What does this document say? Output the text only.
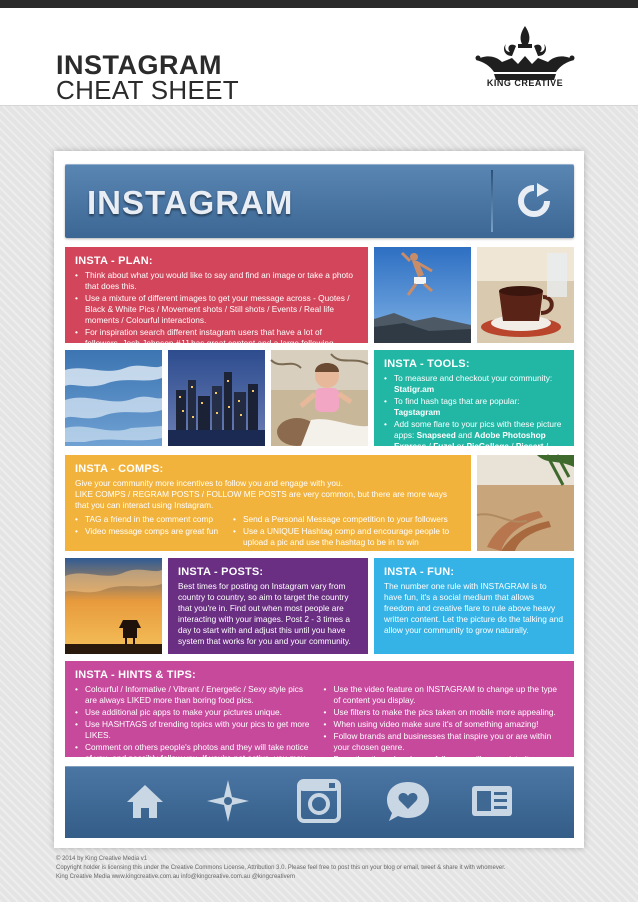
INSTAGRAM
CHEAT SHEET	KING CREATIVE
INSTAGRAM
INSTA - PLAN:
• Think about what you would like to say and find an image or take a photo that does this.
• Use a mixture of different images to get your message across - Quotes / Black & White Pics / Movement shots / Still shots / Events / Real life moments / Colourful interactions.
• For inspiration search different instagram users that have a lot of followers. Josh Johnson #JJ has great content and a large following.
INSTA - TOOLS:
• To measure and checkout your community: Statigr.am
• To find hash tags that are popular: Tagstagram
• Add some flare to your pics with these picture apps: Snapseed and Adobe Photoshop Express / Fuzel or PicCollage / Picsart /
INSTA - COMPS:

Give your community more incentives to follow you and engage with you.

LIKE COMPS / REGRAM POSTS / FOLLOW ME POSTS are very common, but there are more ways that you can interact using Instagram.

• TAG a friend in the comment comp
• Video message comps are great fun
• Send a Personal Message competition to your followers
• Use a UNIQUE Hashtag comp and encourage people to upload a pic and use the hashtag to be in to win
INSTA - POSTS:

Best times for posting on Instagram vary from country to country, so aim to target the country that you're in. Find out when most people are interacting with your images. Post 2 - 3 times a day to start with and adjust this until you have system that works for you and your community.

INSTA - FUN:

The number one rule with INSTAGRAM is to have fun, it's a social medium that allows freedom and creative flare to rule above heavy written content. Let the picture do the talking and allow your community to grow naturally.

INSTA - HINTS & TIPS:
• Colourful / Informative / Vibrant / Energetic / Sexy style pics are always LIKED more than boring food pics.
• Use additional pic apps to make your pictures unique.
• Use HASHTAGS of trending topics with your pics to get more LIKES.
• Comment on others people's photos and they will take notice of you, and possibly follow you. If you're not active, you may
• Use the video feature on INSTAGRAM to change up the type of content you display.
• Use filters to make the pics taken on mobile more appealing.
• When using video make sure it's of something amazing!
• Follow brands and businesses that inspire you or are within your chosen genre.
• Be authentic and real, your followers will appreciate it.
© 2014 by King Creative Media v1
Copyright holder is licensing this under the Creative Commons License, Attribution 3.0. Please feel free to post this on your blog or email, tweet & share it with whomever.
King Creative Media www.kingcreative.com.au info@kingcreative.com.au @kingcreativem
